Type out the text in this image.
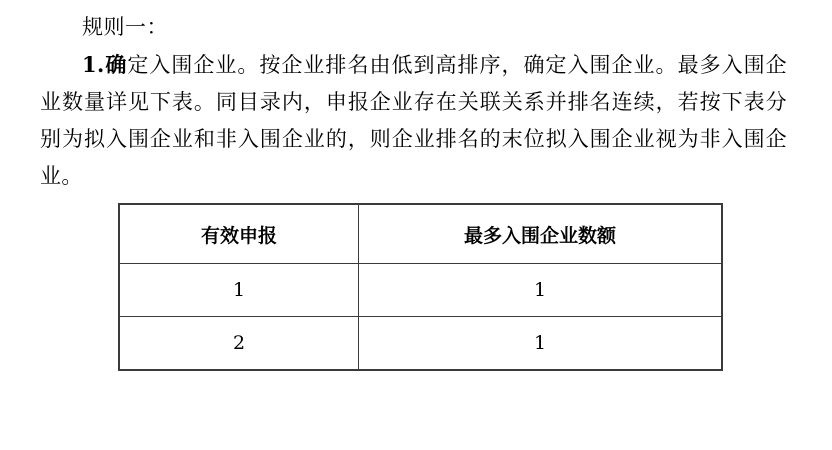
规则一：

1.确定入围企业。按企业排名由低到高排序，确定入围企业。最多入围企业数量详见下表。同目录内，申报企业存在关联关系并排名连续，若按下表分别为拟入围企业和非入围企业的，则企业排名的末位拟入围企业视为非入围企业。

有效申报	最多入围企业数额
1	1
2	1
